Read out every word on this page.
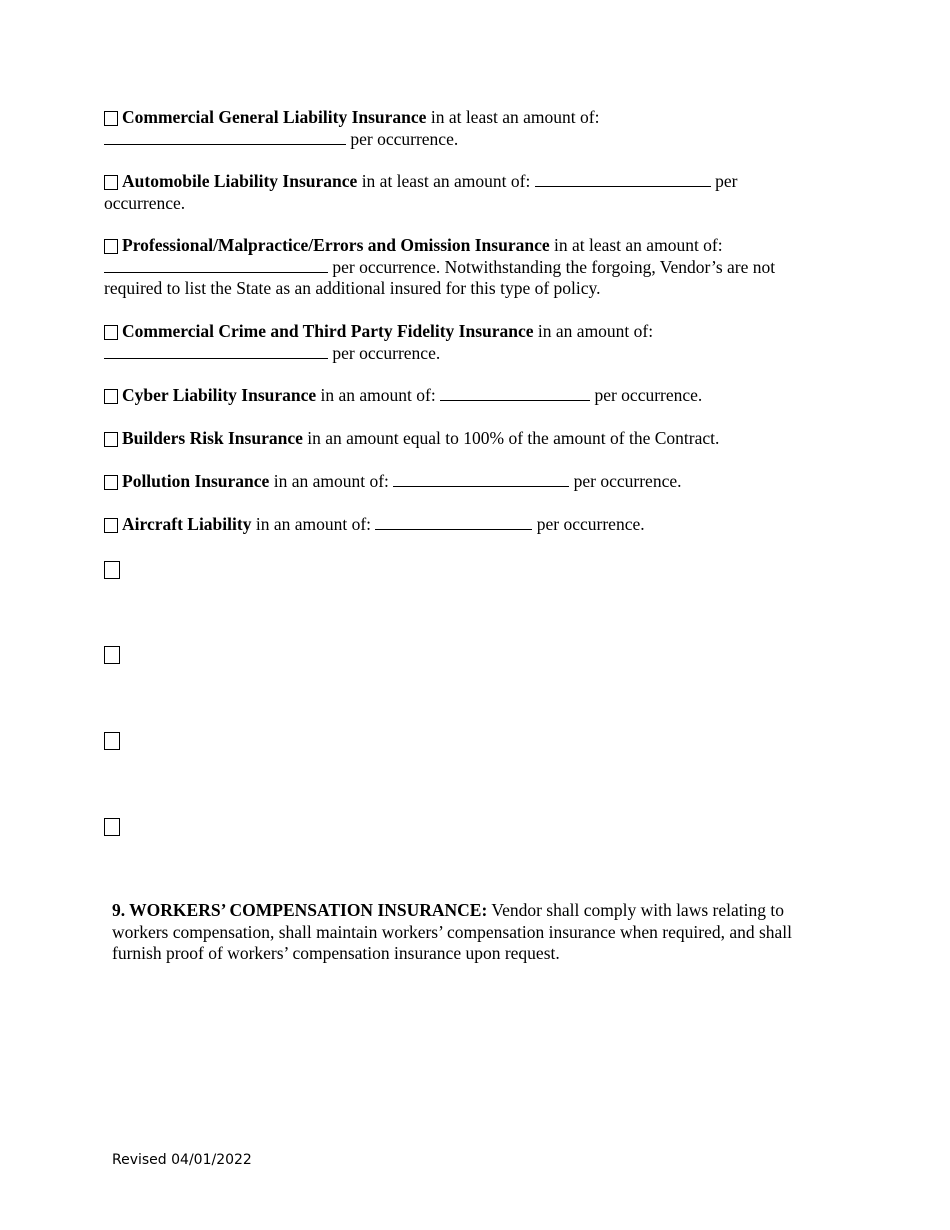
Commercial General Liability Insurance in at least an amount of:
per occurrence.
Automobile Liability Insurance in at least an amount of:	per
occurrence.
Professional/Malpractice/Errors and Omission Insurance in at least an amount of:
per occurrence. Notwithstanding the forgoing, Vendor’s are not
required to list the State as an additional insured for this type of policy.
Commercial Crime and Third Party Fidelity Insurance in an amount of:
per occurrence.
Cyber Liability Insurance in an amount of:	per occurrence.
Builders Risk Insurance in an amount equal to 100% of the amount of the Contract.
Pollution Insurance in an amount of:	per occurrence.
Aircraft Liability in an amount of:	per occurrence.
9. WORKERS’ COMPENSATION INSURANCE: Vendor shall comply with laws relating to workers compensation, shall maintain workers’ compensation insurance when required, and shall furnish proof of workers’ compensation insurance upon request.
Revised 04/01/2022
